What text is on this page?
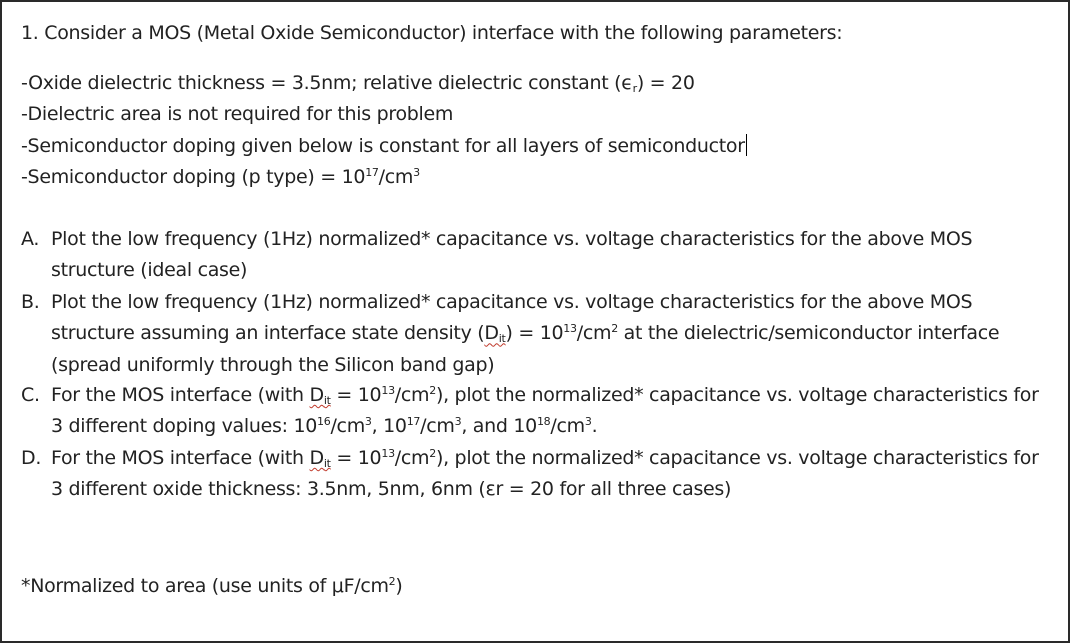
1. Consider a MOS (Metal Oxide Semiconductor) interface with the following parameters:
-Oxide dielectric thickness = 3.5nm; relative dielectric constant $(\epsilon_r) = 20$
-Dielectric area is not required for this problem
-Semiconductor doping given below is constant for all layers of semiconductor
-Semiconductor doping (p type) = $10^{17}/cm^3$
A. Plot the low frequency (1Hz) normalized* capacitance vs. voltage characteristics for the above MOS structure (ideal case)
B. Plot the low frequency (1Hz) normalized* capacitance vs. voltage characteristics for the above MOS structure assuming an interface state density $(D_{it}) = 10^{13}/cm^2$ at the dielectric/semiconductor interface (spread uniformly through the Silicon band gap)
C. For the MOS interface (with $D_{it} = 10^{13}/cm^2$), plot the normalized* capacitance vs. voltage characteristics for 3 different doping values: $10^{16}/cm^3$, $10^{17}/cm^3$, and $10^{18}/cm^3$.
D. For the MOS interface (with $D_{it} = 10^{13}/cm^2$), plot the normalized* capacitance vs. voltage characteristics for 3 different oxide thickness: 3.5nm, 5nm, 6nm (εr = 20 for all three cases)
*Normalized to area (use units of $\mu F/cm^2$)
